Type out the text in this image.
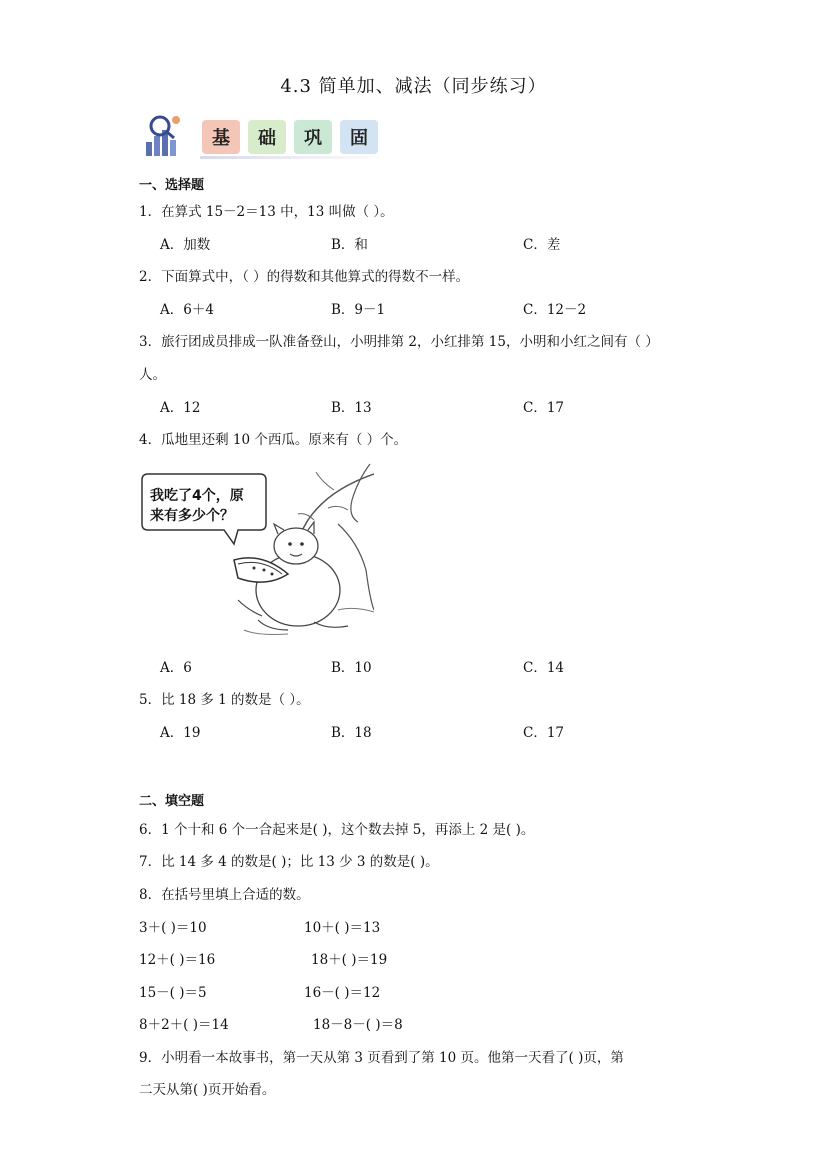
4.3 简单加、减法（同步练习）
基	础	巩	固
一、选择题
1．在算式 15－2＝13 中，13 叫做（ ）。
A．加数	B．和	C．差
2．下面算式中，（ ）的得数和其他算式的得数不一样。
A．6＋4	B．9－1	C．12－2
3．旅行团成员排成一队准备登山，小明排第 2，小红排第 15，小明和小红之间有（ ）
人。
A．12	B．13	C．17
4．瓜地里还剩 10 个西瓜。原来有（ ）个。
我吃了4个，原
来有多少个？
A．6	B．10	C．14
5．比 18 多 1 的数是（ ）。
A．19	B．18	C．17
二、填空题
6．1 个十和 6 个一合起来是( )，这个数去掉 5，再添上 2 是( )。
7．比 14 多 4 的数是( )；比 13 少 3 的数是( )。
8．在括号里填上合适的数。
3＋( )＝10	10＋( )＝13
12＋( )＝16	18＋( )＝19
15－( )＝5	16－( )＝12
8＋2＋( )＝14	18－8－( )＝8
9．小明看一本故事书，第一天从第 3 页看到了第 10 页。他第一天看了( )页，第
二天从第( )页开始看。
